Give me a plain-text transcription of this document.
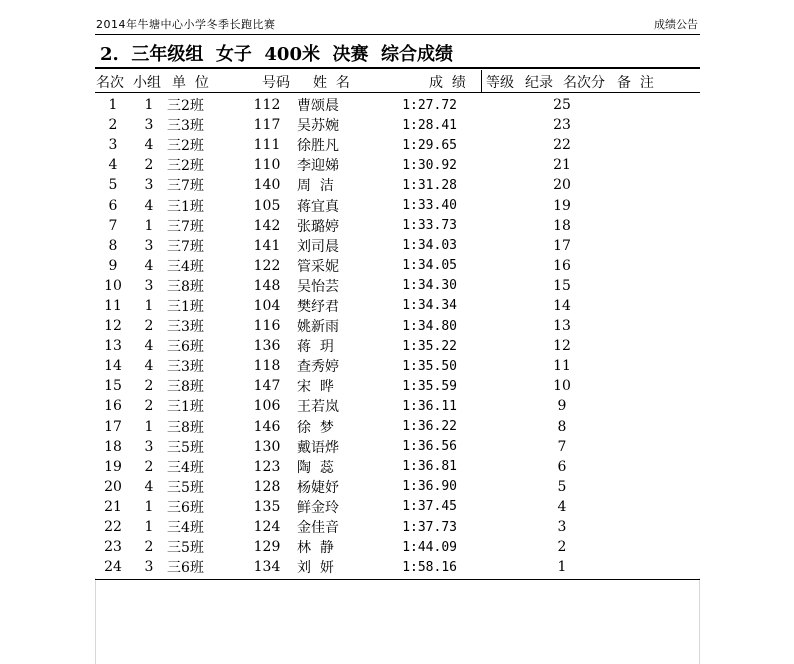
2014年牛塘中心小学冬季长跑比赛	成绩公告
2.  三年级组  女子  400米  决赛  综合成绩
名次 小组 单  位	号码 姓  名	成  绩 等级 纪录 名次分 备  注
1	1	三2班	112	曹颂晨	1:27.72			25	
2	3	三3班	117	吴苏婉	1:28.41			23	
3	4	三2班	111	徐胜凡	1:29.65			22	
4	2	三2班	110	李迎娣	1:30.92			21	
5	3	三7班	140	周  洁	1:31.28			20	
6	4	三1班	105	蒋宜真	1:33.40			19	
7	1	三7班	142	张璐婷	1:33.73			18	
8	3	三7班	141	刘司晨	1:34.03			17	
9	4	三4班	122	管采妮	1:34.05			16	
10	3	三8班	148	吴怡芸	1:34.30			15	
11	1	三1班	104	樊纾君	1:34.34			14	
12	2	三3班	116	姚新雨	1:34.80			13	
13	4	三6班	136	蒋  玥	1:35.22			12	
14	4	三3班	118	查秀婷	1:35.50			11	
15	2	三8班	147	宋  晔	1:35.59			10	
16	2	三1班	106	王若岚	1:36.11			9	
17	1	三8班	146	徐  梦	1:36.22			8	
18	3	三5班	130	戴语烨	1:36.56			7	
19	2	三4班	123	陶  蕊	1:36.81			6	
20	4	三5班	128	杨婕妤	1:36.90			5	
21	1	三6班	135	鲜金玲	1:37.45			4	
22	1	三4班	124	金佳音	1:37.73			3	
23	2	三5班	129	林  静	1:44.09			2	
24	3	三6班	134	刘  妍	1:58.16			1	
